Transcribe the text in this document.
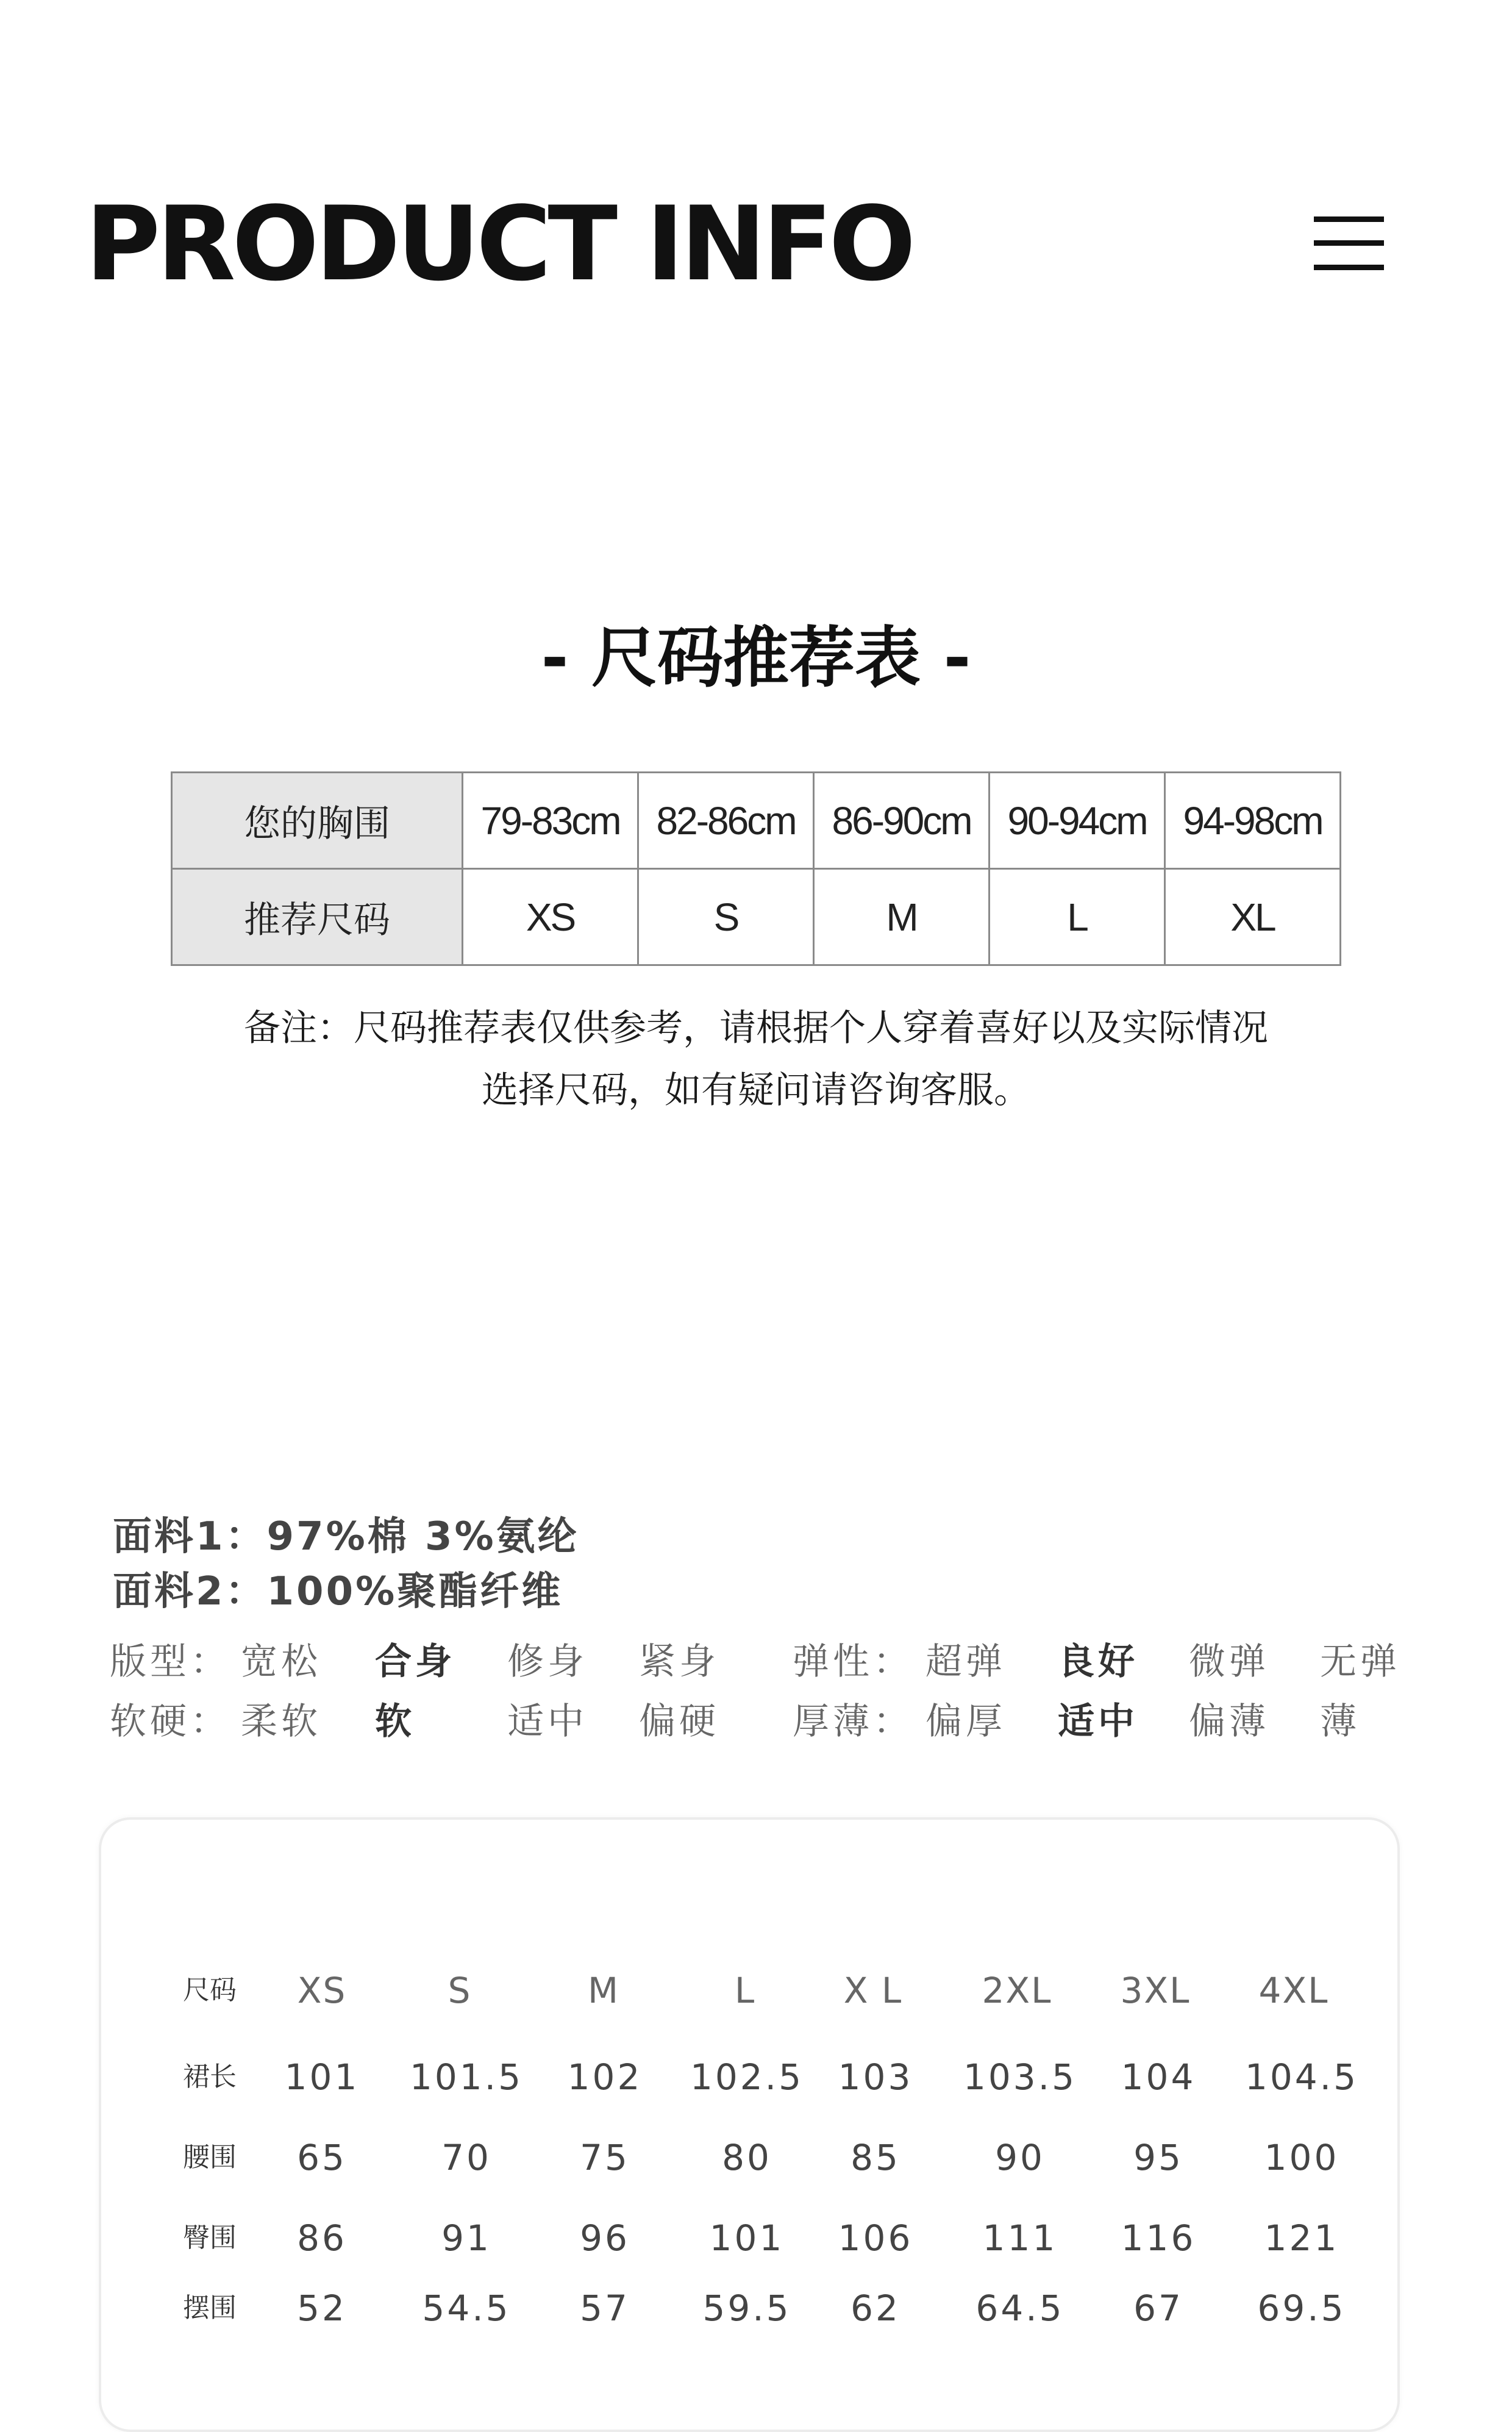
PRODUCT INFO
- 尺码推荐表 -
您的胸围	79-83cm	82-86cm	86-90cm	90-94cm	94-98cm
推荐尺码	XS	S	M	L	XL
备注：尺码推荐表仅供参考，请根据个人穿着喜好以及实际情况
选择尺码，如有疑问请咨询客服。
面料1：97%棉 3%氨纶
面料2：100%聚酯纤维
版型： 宽松 合身 修身 紧身 弹性： 超弹 良好 微弹 无弹
软硬： 柔软 软	适中 偏硬 厚薄： 偏厚 适中 偏薄 薄
尺码	XS	S	M	L	X L	2XL	3XL	4XL
裙长	101	101.5	102	102.5 103	103.5	104	104.5
腰围	65	70	75	80	85	90	95	100
臀围	86	91	96	101	106	111	116	121
摆围	52	54.5	57	59.5	62	64.5	67	69.5
